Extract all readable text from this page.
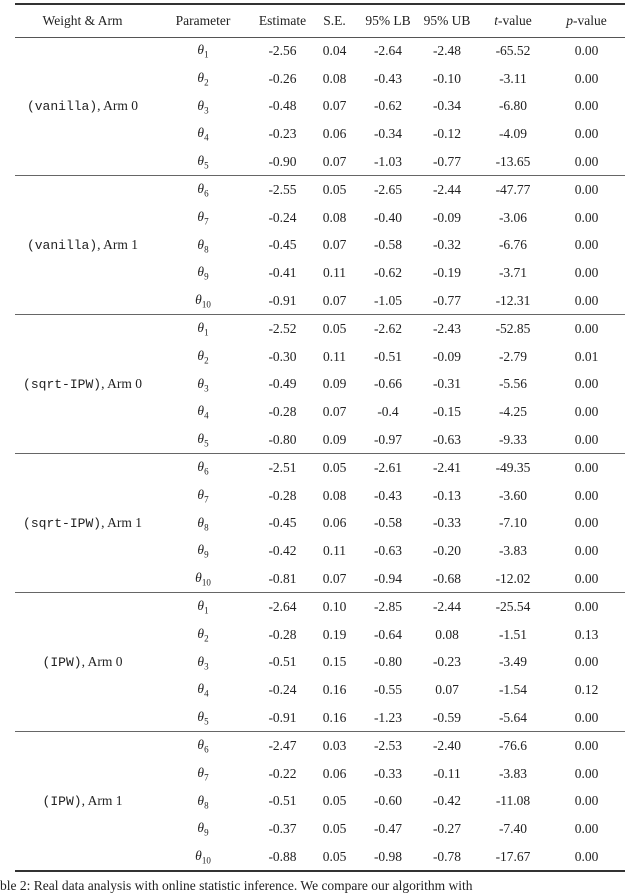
Weight & Arm	Parameter	Estimate	S.E.	95% LB	95% UB	t-value	p-value
(vanilla), Arm 0	$\theta_1$	-2.56	0.04	-2.64	-2.48	-65.52	0.00
	$\theta_2$	-0.26	0.08	-0.43	-0.10	-3.11	0.00
	$\theta_3$	-0.48	0.07	-0.62	-0.34	-6.80	0.00
	$\theta_4$	-0.23	0.06	-0.34	-0.12	-4.09	0.00
	$\theta_5$	-0.90	0.07	-1.03	-0.77	-13.65	0.00
(vanilla), Arm 1	$\theta_6$	-2.55	0.05	-2.65	-2.44	-47.77	0.00
	$\theta_7$	-0.24	0.08	-0.40	-0.09	-3.06	0.00
	$\theta_8$	-0.45	0.07	-0.58	-0.32	-6.76	0.00
	$\theta_9$	-0.41	0.11	-0.62	-0.19	-3.71	0.00
	$\theta_{10}$	-0.91	0.07	-1.05	-0.77	-12.31	0.00
(sqrt-IPW), Arm 0	$\theta_1$	-2.52	0.05	-2.62	-2.43	-52.85	0.00
	$\theta_2$	-0.30	0.11	-0.51	-0.09	-2.79	0.01
	$\theta_3$	-0.49	0.09	-0.66	-0.31	-5.56	0.00
	$\theta_4$	-0.28	0.07	-0.4	-0.15	-4.25	0.00
	$\theta_5$	-0.80	0.09	-0.97	-0.63	-9.33	0.00
(sqrt-IPW), Arm 1	$\theta_6$	-2.51	0.05	-2.61	-2.41	-49.35	0.00
	$\theta_7$	-0.28	0.08	-0.43	-0.13	-3.60	0.00
	$\theta_8$	-0.45	0.06	-0.58	-0.33	-7.10	0.00
	$\theta_9$	-0.42	0.11	-0.63	-0.20	-3.83	0.00
	$\theta_{10}$	-0.81	0.07	-0.94	-0.68	-12.02	0.00
(IPW), Arm 0	$\theta_1$	-2.64	0.10	-2.85	-2.44	-25.54	0.00
	$\theta_2$	-0.28	0.19	-0.64	0.08	-1.51	0.13
	$\theta_3$	-0.51	0.15	-0.80	-0.23	-3.49	0.00
	$\theta_4$	-0.24	0.16	-0.55	0.07	-1.54	0.12
	$\theta_5$	-0.91	0.16	-1.23	-0.59	-5.64	0.00
(IPW), Arm 1	$\theta_6$	-2.47	0.03	-2.53	-2.40	-76.6	0.00
	$\theta_7$	-0.22	0.06	-0.33	-0.11	-3.83	0.00
	$\theta_8$	-0.51	0.05	-0.60	-0.42	-11.08	0.00
	$\theta_9$	-0.37	0.05	-0.47	-0.27	-7.40	0.00
	$\theta_{10}$	-0.88	0.05	-0.98	-0.78	-17.67	0.00
ble 2: Real data analysis with online statistic inference. We compare our algorithm with
